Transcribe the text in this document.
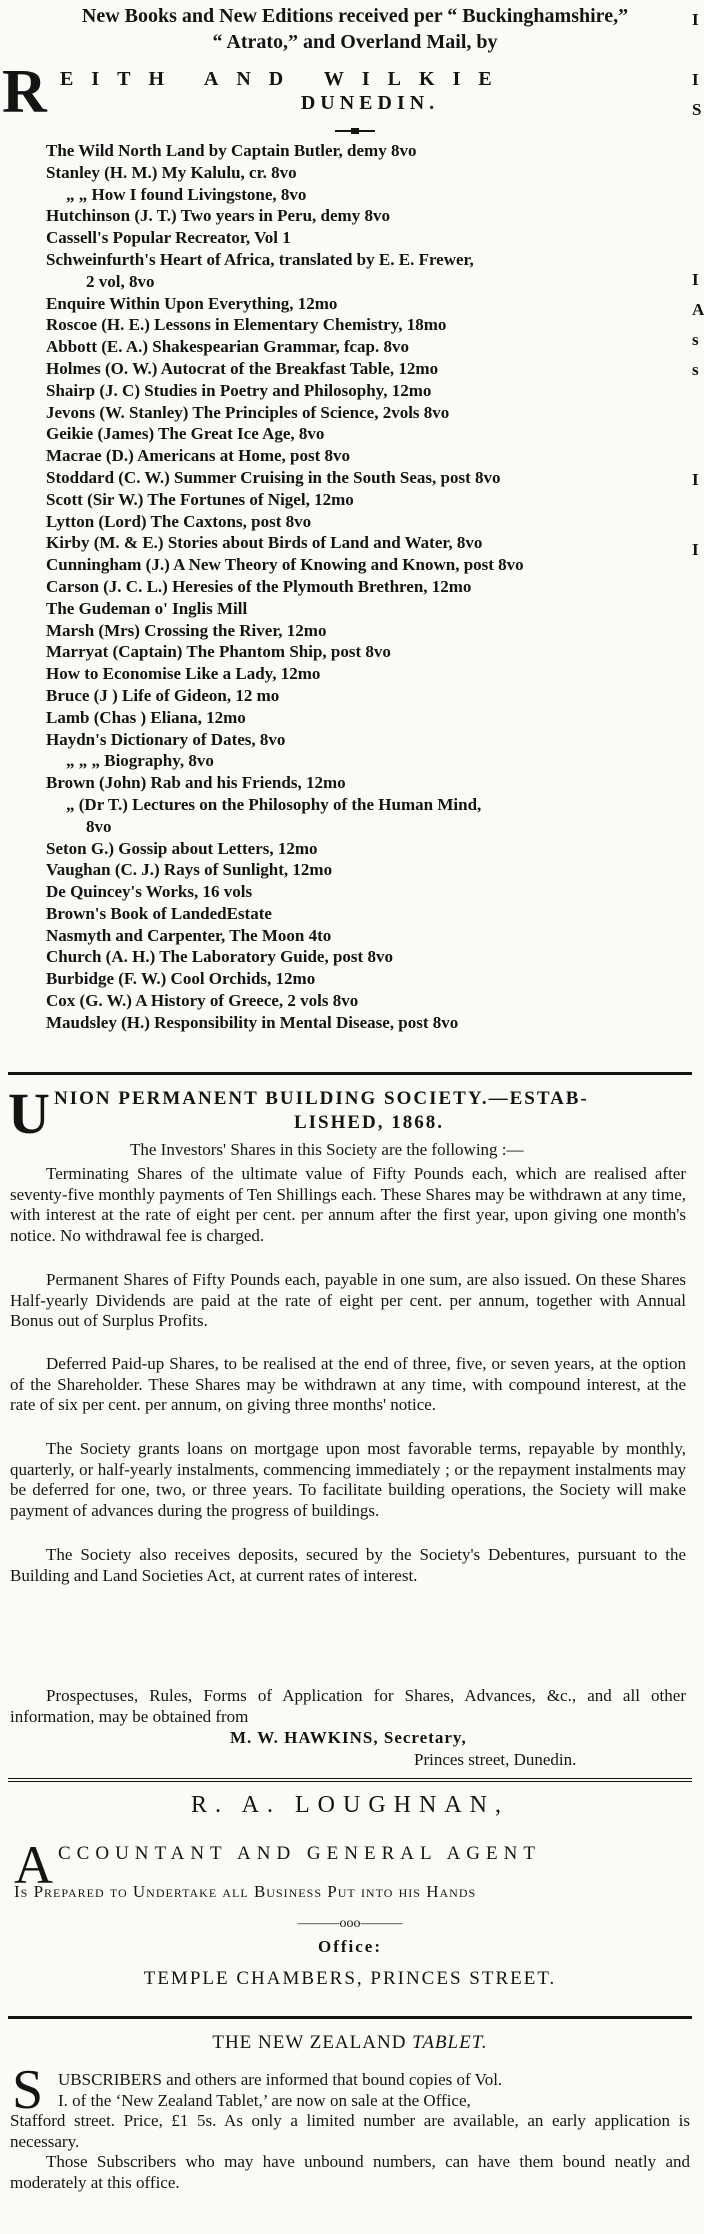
New Books and New Editions received per “ Buckinghamshire,”
“ Atrato,” and Overland Mail, by
R EITH AND WILKIE
DUNEDIN.
The Wild North Land by Captain Butler, demy 8vo
Stanley (H. M.) My Kalulu, cr. 8vo
„ „ How I found Livingstone, 8vo
Hutchinson (J. T.) Two years in Peru, demy 8vo
Cassell's Popular Recreator, Vol 1
Schweinfurth's Heart of Africa, translated by E. E. Frewer,
2 vol, 8vo
Enquire Within Upon Everything, 12mo
Roscoe (H. E.) Lessons in Elementary Chemistry, 18mo
Abbott (E. A.) Shakespearian Grammar, fcap. 8vo
Holmes (O. W.) Autocrat of the Breakfast Table, 12mo
Shairp (J. C) Studies in Poetry and Philosophy, 12mo
Jevons (W. Stanley) The Principles of Science, 2vols 8vo
Geikie (James) The Great Ice Age, 8vo
Macrae (D.) Americans at Home, post 8vo
Stoddard (C. W.) Summer Cruising in the South Seas, post 8vo
Scott (Sir W.) The Fortunes of Nigel, 12mo
Lytton (Lord) The Caxtons, post 8vo
Kirby (M. & E.) Stories about Birds of Land and Water, 8vo
Cunningham (J.) A New Theory of Knowing and Known, post 8vo
Carson (J. C. L.) Heresies of the Plymouth Brethren, 12mo
The Gudeman o' Inglis Mill
Marsh (Mrs) Crossing the River, 12mo
Marryat (Captain) The Phantom Ship, post 8vo
How to Economise Like a Lady, 12mo
Bruce (J ) Life of Gideon, 12 mo
Lamb (Chas ) Eliana, 12mo
Haydn's Dictionary of Dates, 8vo
„ „ „ Biography, 8vo
Brown (John) Rab and his Friends, 12mo
„ (Dr T.) Lectures on the Philosophy of the Human Mind,
8vo
Seton G.) Gossip about Letters, 12mo
Vaughan (C. J.) Rays of Sunlight, 12mo
De Quincey's Works, 16 vols
Brown's Book of LandedEstate
Nasmyth and Carpenter, The Moon 4to
Church (A. H.) The Laboratory Guide, post 8vo
Burbidge (F. W.) Cool Orchids, 12mo
Cox (G. W.) A History of Greece, 2 vols 8vo
Maudsley (H.) Responsibility in Mental Disease, post 8vo
U NION PERMANENT BUILDING SOCIETY.—ESTAB-
LISHED, 1868.
The Investors' Shares in this Society are the following :—
Terminating Shares of the ultimate value of Fifty Pounds each, which are realised after seventy-five monthly payments of Ten Shillings each. These Shares may be withdrawn at any time, with interest at the rate of eight per cent. per annum after the first year, upon giving one month's notice. No withdrawal fee is charged.
Permanent Shares of Fifty Pounds each, payable in one sum, are also issued. On these Shares Half-yearly Dividends are paid at the rate of eight per cent. per annum, together with Annual Bonus out of Surplus Profits.
Deferred Paid-up Shares, to be realised at the end of three, five, or seven years, at the option of the Shareholder. These Shares may be withdrawn at any time, with compound interest, at the rate of six per cent. per annum, on giving three months' notice.
The Society grants loans on mortgage upon most favorable terms, repayable by monthly, quarterly, or half-yearly instalments, commencing immediately ; or the repayment instalments may be deferred for one, two, or three years. To facilitate building operations, the Society will make payment of advances during the progress of buildings.
The Society also receives deposits, secured by the Society's Debentures, pursuant to the Building and Land Societies Act, at current rates of interest.
Prospectuses, Rules, Forms of Application for Shares, Advances, &c., and all other information, may be obtained from
M. W. HAWKINS, Secretary,
Princes street, Dunedin.
R. A. LOUGHNAN,
A CCOUNTANT AND GENERAL AGENT
Is Prepared to Undertake all Business Put into his Hands
———ooo———
Office:
TEMPLE CHAMBERS, PRINCES STREET.
THE NEW ZEALAND TABLET.
S UBSCRIBERS and others are informed that bound copies of Vol.
I. of the ‘New Zealand Tablet,’ are now on sale at the Office,
Stafford street. Price, £1 5s. As only a limited number are available, an early application is necessary.
Those Subscribers who may have unbound numbers, can have them bound neatly and moderately at this office.
I
I
S
I
A
s
s
I
I
